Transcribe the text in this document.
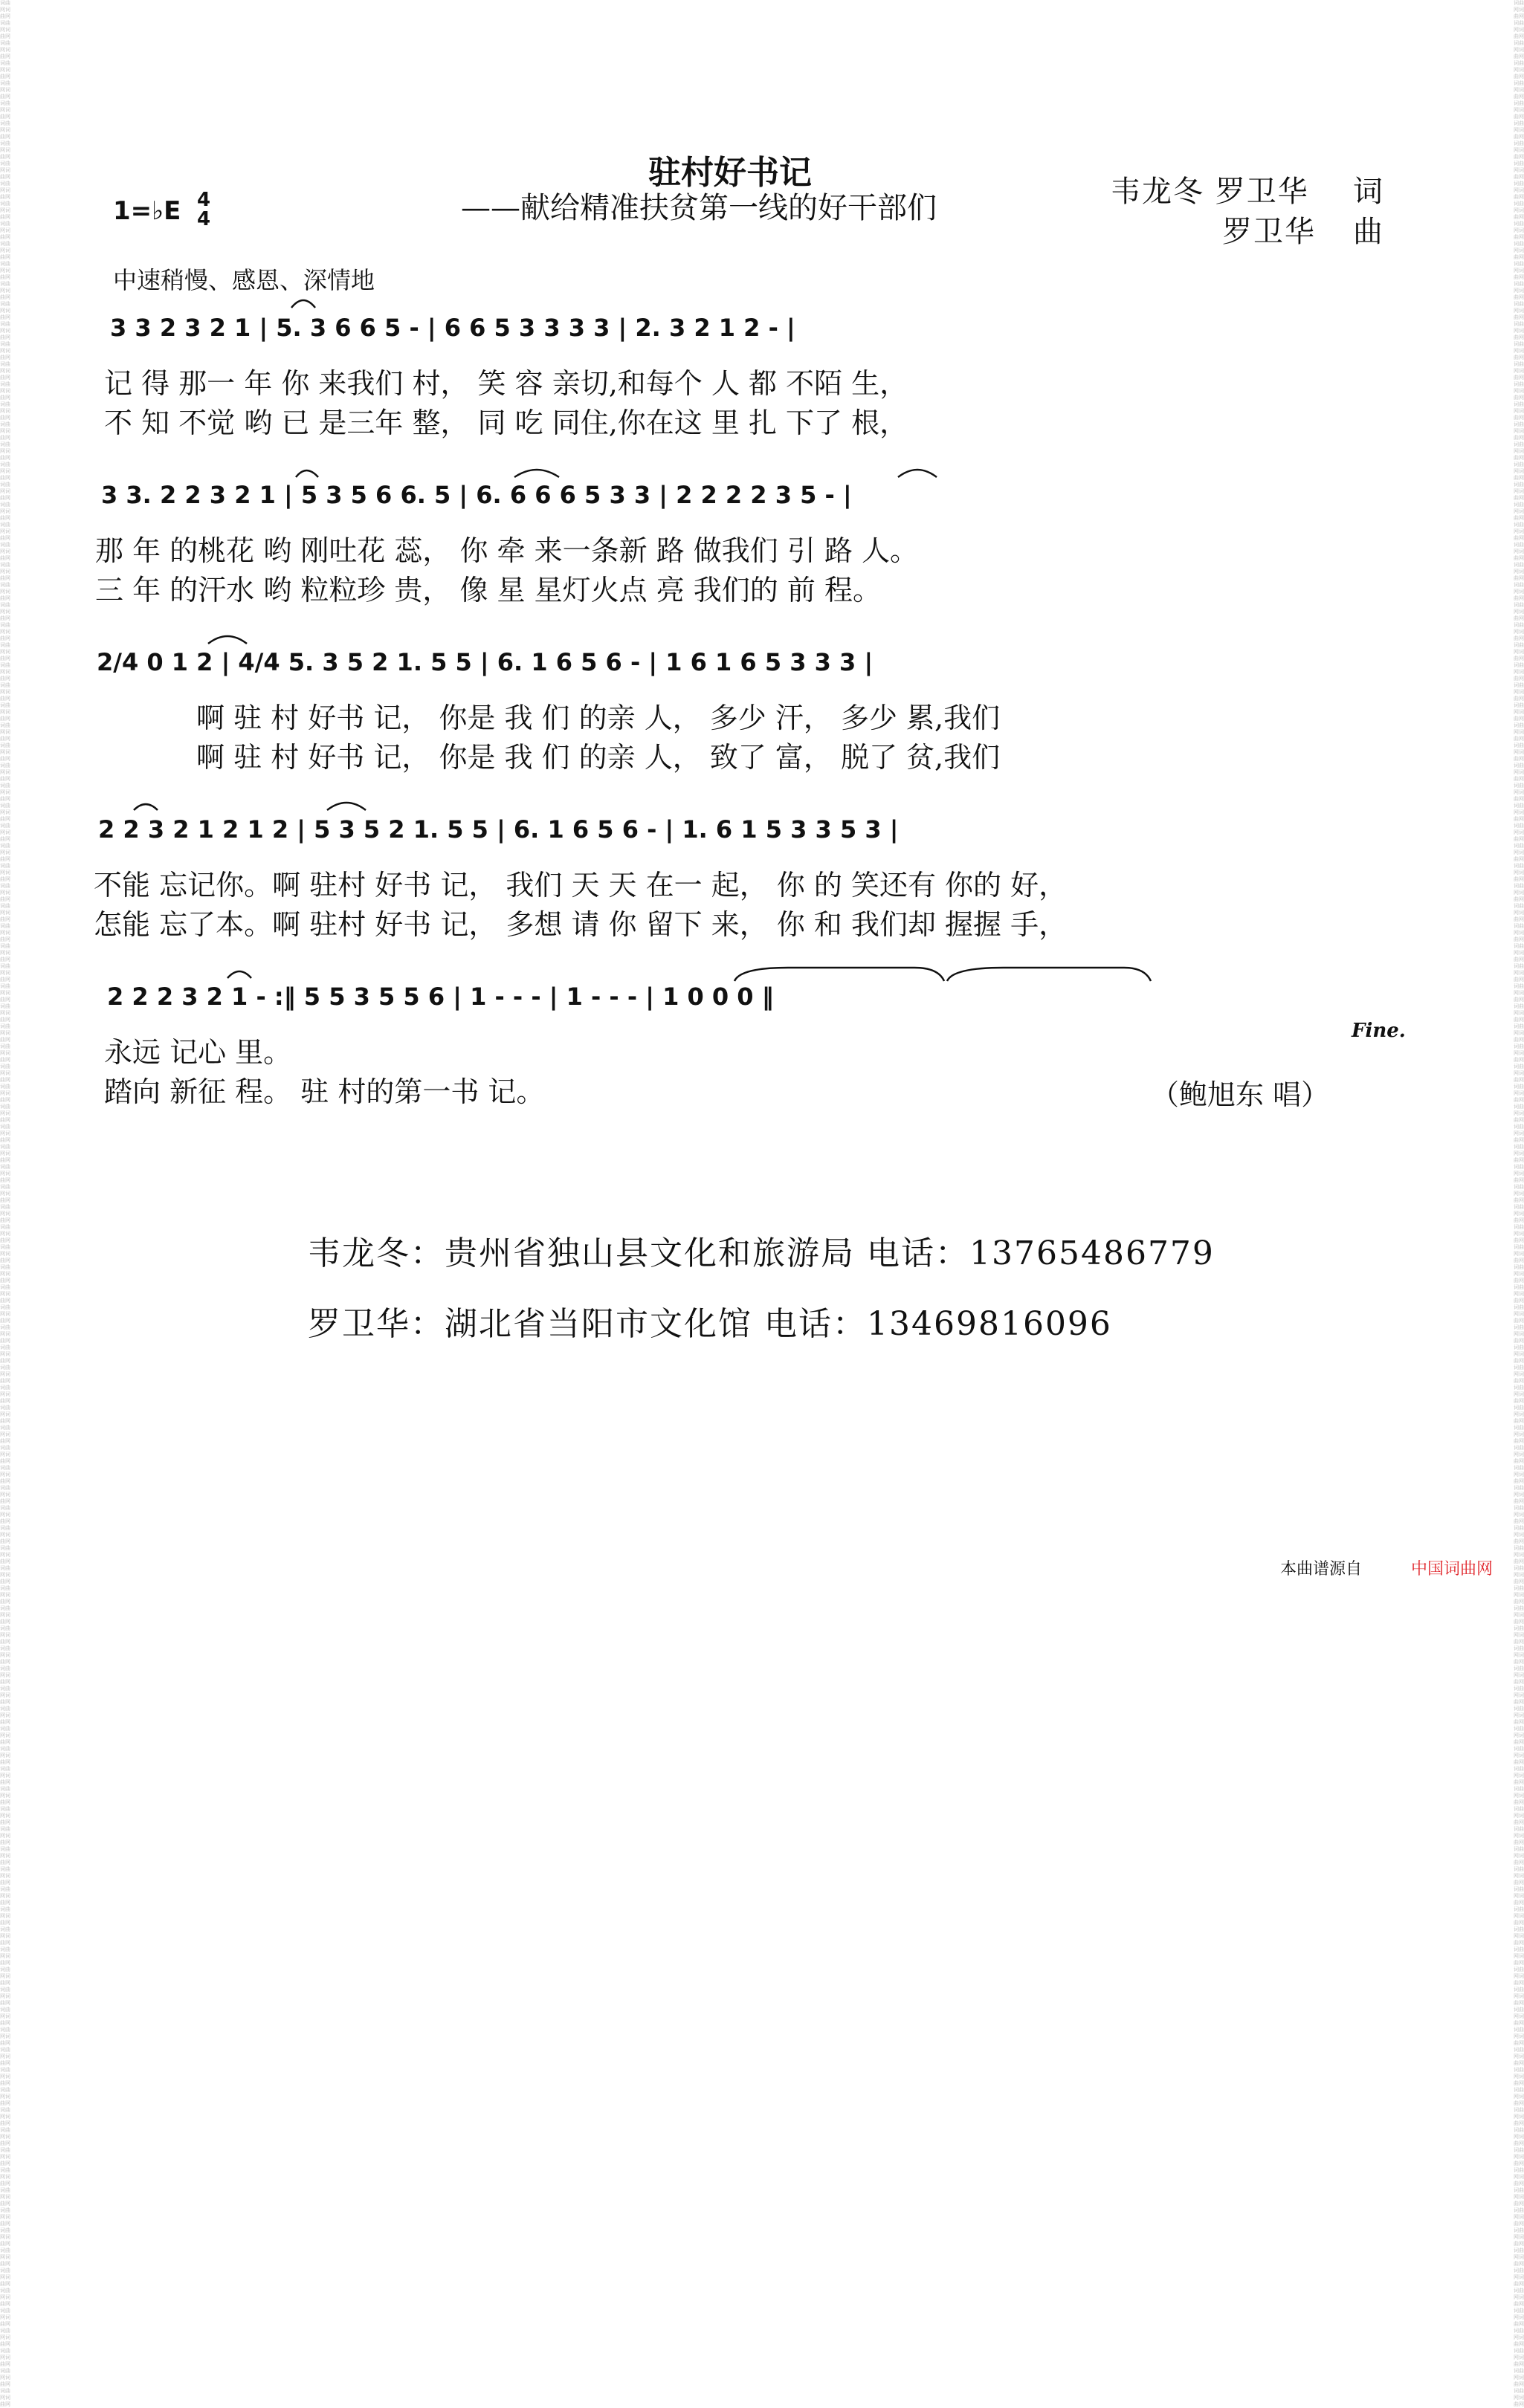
词曲网词曲网词曲网词曲网词曲网词曲网词曲网词曲网词曲网词曲网词曲网词曲网词曲网词曲网词曲网词曲网词曲网词曲网词曲网词曲网词曲网词曲网词曲网词曲网词曲网词曲网词曲网词曲网词曲网词曲网词曲网词曲网词曲网词曲网词曲网词曲网词曲网词曲网词曲网词曲网词曲网词曲网词曲网词曲网词曲网词曲网词曲网词曲网词曲网词曲网词曲网词曲网词曲网词曲网词曲网词曲网词曲网词曲网词曲网词曲网词曲网词曲网词曲网词曲网词曲网词曲网词曲网词曲网词曲网词曲网词曲网词曲网词曲网词曲网词曲网词曲网词曲网词曲网词曲网词曲网词曲网词曲网词曲网词曲网词曲网词曲网词曲网词曲网词曲网词曲网词曲网词曲网词曲网词曲网词曲网词曲网词曲网词曲网词曲网词曲网词曲网词曲网词曲网词曲网词曲网词曲网词曲网词曲网词曲网词曲网词曲网词曲网词曲网词曲网词曲网词曲网词曲网词曲网词曲网词曲网词曲网词曲网词曲网词曲网词曲网词曲网词曲网词曲网词曲网词曲网词曲网词曲网词曲网词曲网词曲网词曲网词曲网词曲网词曲网词曲网词曲网词曲网词曲网词曲网词曲网词曲网词曲网词曲网词曲网词曲网词曲网词曲网词曲网词曲网词曲网词曲网词曲网词曲网词曲网词曲网词曲网词曲网词曲网词曲网词曲网词曲网词曲网词曲网词曲网词曲网词曲网词曲网词曲网词曲网词曲网词曲网词曲网词曲网词曲网词曲网词曲网词曲网词曲网词曲网词曲网词曲网词曲网词曲网词曲网词曲网词曲网词曲网词曲网词曲网词曲网词曲网词曲网词曲网词曲网词曲网词曲网词曲网词曲网词曲网词曲网词曲网词曲网词曲网词曲网词曲网词曲网词曲网词曲网词曲网词曲网词曲网词曲网词曲网词曲网词曲网词曲网词曲网词曲网词曲网词曲网词曲网词曲网词曲网词曲网词曲网词曲网词曲网词曲网词曲网词曲网词曲网词曲网词曲网词曲网词曲网
词曲网词曲网词曲网词曲网词曲网词曲网词曲网词曲网词曲网词曲网词曲网词曲网词曲网词曲网词曲网词曲网词曲网词曲网词曲网词曲网词曲网词曲网词曲网词曲网词曲网词曲网词曲网词曲网词曲网词曲网词曲网词曲网词曲网词曲网词曲网词曲网词曲网词曲网词曲网词曲网词曲网词曲网词曲网词曲网词曲网词曲网词曲网词曲网词曲网词曲网词曲网词曲网词曲网词曲网词曲网词曲网词曲网词曲网词曲网词曲网词曲网词曲网词曲网词曲网词曲网词曲网词曲网词曲网词曲网词曲网词曲网词曲网词曲网词曲网词曲网词曲网词曲网词曲网词曲网词曲网词曲网词曲网词曲网词曲网词曲网词曲网词曲网词曲网词曲网词曲网词曲网词曲网词曲网词曲网词曲网词曲网词曲网词曲网词曲网词曲网词曲网词曲网词曲网词曲网词曲网词曲网词曲网词曲网词曲网词曲网词曲网词曲网词曲网词曲网词曲网词曲网词曲网词曲网词曲网词曲网词曲网词曲网词曲网词曲网词曲网词曲网词曲网词曲网词曲网词曲网词曲网词曲网词曲网词曲网词曲网词曲网词曲网词曲网词曲网词曲网词曲网词曲网词曲网词曲网词曲网词曲网词曲网词曲网词曲网词曲网词曲网词曲网词曲网词曲网词曲网词曲网词曲网词曲网词曲网词曲网词曲网词曲网词曲网词曲网词曲网词曲网词曲网词曲网词曲网词曲网词曲网词曲网词曲网词曲网词曲网词曲网词曲网词曲网词曲网词曲网词曲网词曲网词曲网词曲网词曲网词曲网词曲网词曲网词曲网词曲网词曲网词曲网词曲网词曲网词曲网词曲网词曲网词曲网词曲网词曲网词曲网词曲网词曲网词曲网词曲网词曲网词曲网词曲网词曲网词曲网词曲网词曲网词曲网词曲网词曲网词曲网词曲网词曲网词曲网词曲网词曲网词曲网词曲网词曲网词曲网词曲网词曲网词曲网词曲网词曲网词曲网词曲网词曲网词曲网词曲网词曲网词曲网词曲网词曲网词曲网
驻村好书记
——献给精准扶贫第一线的好干部们
1=♭E 4
4
韦龙冬 罗卫华 词
罗卫华 曲
中速稍慢、感恩、深情地
3 3 2 3 2 1 | 5. 3 6 6 5 - | 6 6 5 3 3 3 3 | 2. 3 2 1 2 - |
记 得 那一 年 你 来我们 村， 笑 容 亲切,和每个 人 都 不陌 生，
不 知 不觉 哟 已 是三年 整， 同 吃 同住,你在这 里 扎 下了 根，
3 3. 2 2 3 2 1 | 5 3 5 6 6. 5 | 6. 6 6 6 5 3 3 | 2 2 2 2 3 5 - |
那 年 的桃花 哟 刚吐花 蕊， 你 牵 来一条新 路 做我们 引 路 人。
三 年 的汗水 哟 粒粒珍 贵， 像 星 星灯火点 亮 我们的 前 程。
2/4 0 1 2 | 4/4 5. 3 5 2 1. 5 5 | 6. 1 6 5 6 - | 1 6 1 6 5 3 3 3 |
啊 驻 村 好书 记， 你是 我 们 的亲 人， 多少 汗， 多少 累,我们
啊 驻 村 好书 记， 你是 我 们 的亲 人， 致了 富， 脱了 贫,我们
2 2 3 2 1 2 1 2 | 5 3 5 2 1. 5 5 | 6. 1 6 5 6 - | 1. 6 1 5 3 3 5 3 |
不能 忘记你。啊 驻村 好书 记， 我们 天 天 在一 起， 你 的 笑还有 你的 好，
怎能 忘了本。啊 驻村 好书 记， 多想 请 你 留下 来， 你 和 我们却 握握 手，
2 2 2 3 2 1 - :‖ 5 5 3 5 5 6 | 1 - - - | 1 - - - | 1 0 0 0 ‖
Fine.
永远 记心 里。
踏向 新征 程。 驻 村的第一书 记。	（鲍旭东 唱）
韦龙冬：贵州省独山县文化和旅游局 电话：13765486779
罗卫华：湖北省当阳市文化馆 电话：13469816096
本曲谱源自	中国词曲网
